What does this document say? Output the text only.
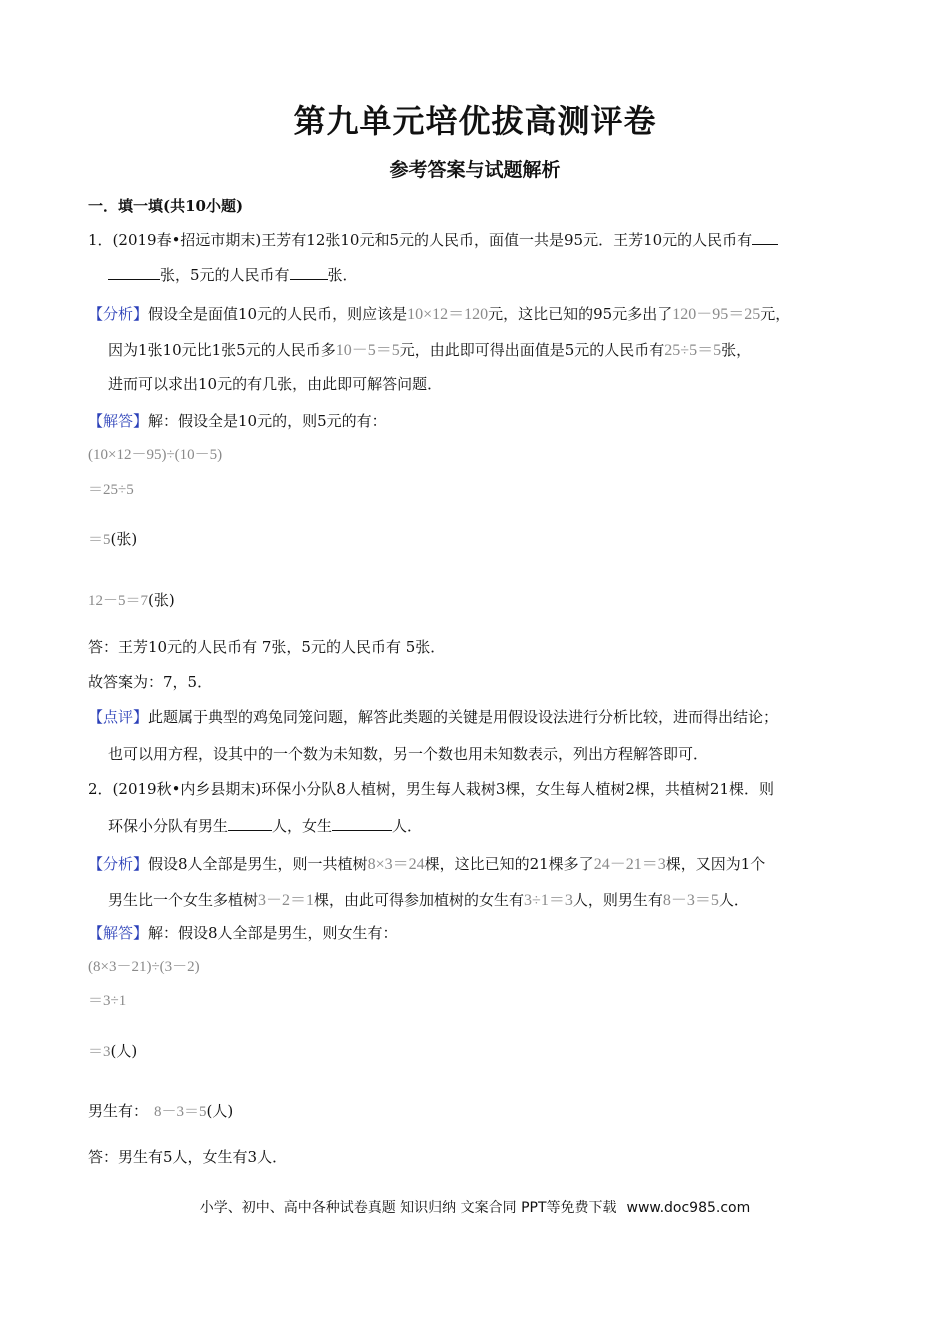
第九单元培优拔高测评卷
参考答案与试题解析
一．填一填(共10小题)
1．(2019春•招远市期末)王芳有12张10元和5元的人民币，面值一共是95元．王芳10元的人民币有
张，5元的人民币有	张．
【分析】假设全是面值10元的人民币，则应该是10×12＝120元，这比已知的95元多出了120－95＝25元，
因为1张10元比1张5元的人民币多10－5＝5元，由此即可得出面值是5元的人民币有25÷5＝5张，
进而可以求出10元的有几张，由此即可解答问题．
【解答】解：假设全是10元的，则5元的有：
(10×12－95)÷(10－5)
＝25÷5
＝5(张)
12－5＝7(张)
答：王芳10元的人民币有 7张，5元的人民币有 5张．
故答案为：7，5．
【点评】此题属于典型的鸡兔同笼问题，解答此类题的关键是用假设设法进行分析比较，进而得出结论；
也可以用方程，设其中的一个数为未知数，另一个数也用未知数表示，列出方程解答即可．
2．(2019秋•内乡县期末)环保小分队8人植树，男生每人栽树3棵，女生每人植树2棵，共植树21棵．则
环保小分队有男生	人，女生	人．
【分析】假设8人全部是男生，则一共植树8×3＝24棵，这比已知的21棵多了24－21＝3棵，又因为1个
男生比一个女生多植树3－2＝1棵，由此可得参加植树的女生有3÷1＝3人，则男生有8－3＝5人．
【解答】解：假设8人全部是男生，则女生有：
(8×3－21)÷(3－2)
＝3÷1
＝3(人)
男生有： 8－3＝5(人)
答：男生有5人，女生有3人．
小学、初中、高中各种试卷真题 知识归纳 文案合同 PPT等免费下载 www.doc985.com
